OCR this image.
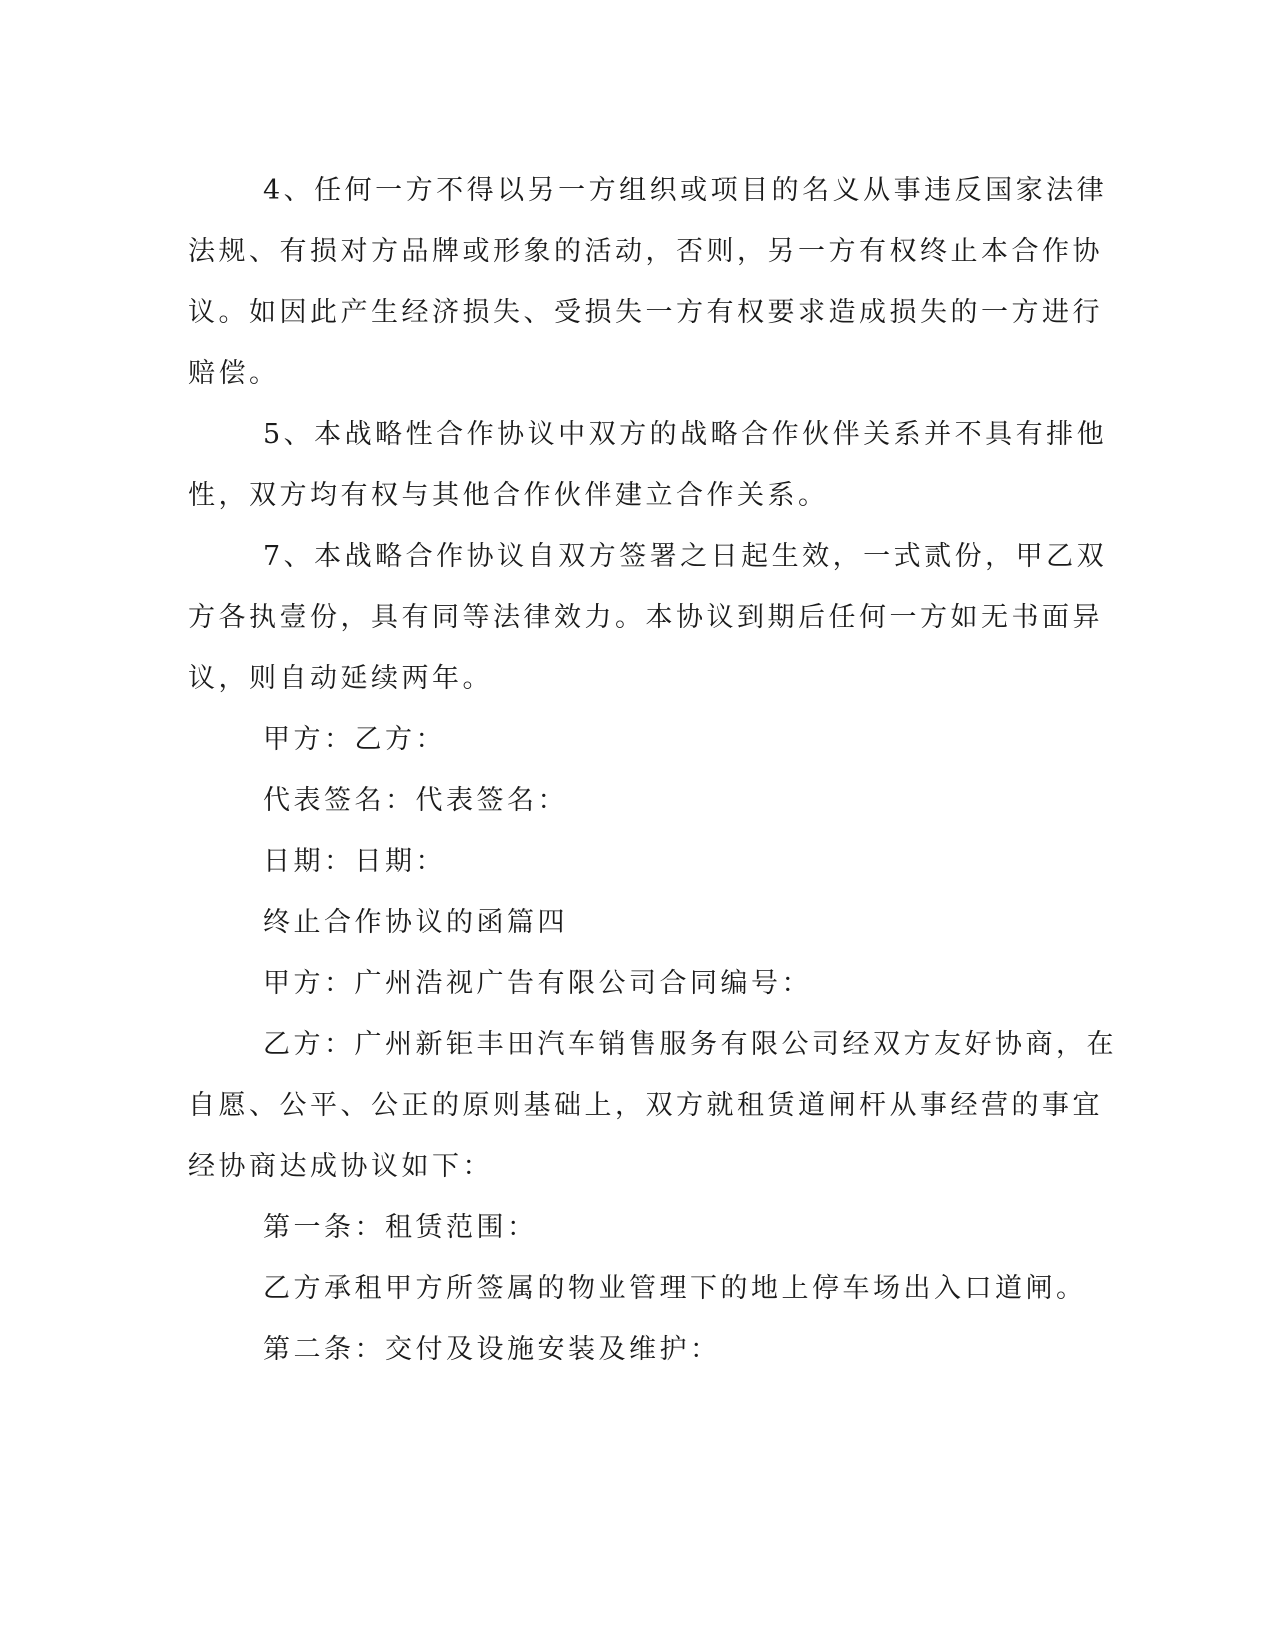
4、任何一方不得以另一方组织或项目的名义从事违反国家法律

法规、有损对方品牌或形象的活动，否则，另一方有权终止本合作协

议。如因此产生经济损失、受损失一方有权要求造成损失的一方进行

赔偿。

5、本战略性合作协议中双方的战略合作伙伴关系并不具有排他

性，双方均有权与其他合作伙伴建立合作关系。

7、本战略合作协议自双方签署之日起生效，一式贰份，甲乙双

方各执壹份，具有同等法律效力。本协议到期后任何一方如无书面异

议，则自动延续两年。

甲方：乙方：

代表签名：代表签名：

日期：日期：

终止合作协议的函篇四

甲方：广州浩视广告有限公司合同编号：

乙方：广州新钜丰田汽车销售服务有限公司经双方友好协商，在

自愿、公平、公正的原则基础上，双方就租赁道闸杆从事经营的事宜

经协商达成协议如下：

第一条：租赁范围：

乙方承租甲方所签属的物业管理下的地上停车场出入口道闸。

第二条：交付及设施安装及维护：
